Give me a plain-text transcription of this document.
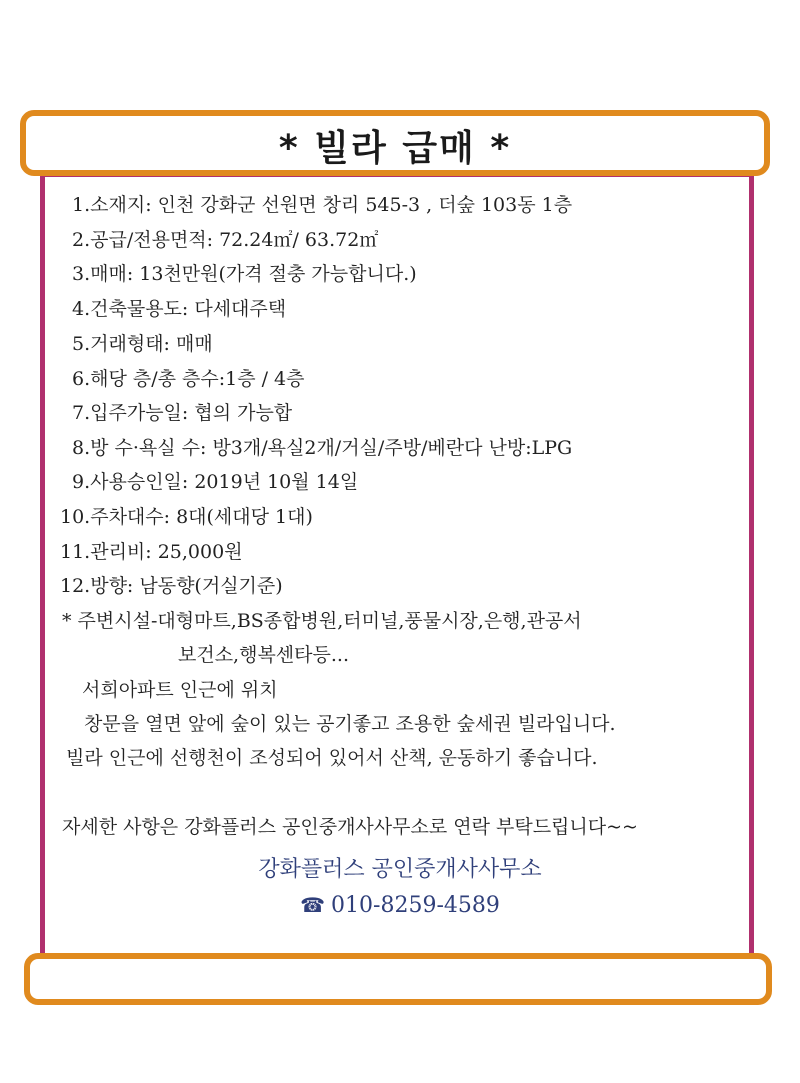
* 빌라 급매 *
1.소재지: 인천 강화군 선원면 창리 545-3 , 더숲 103동 1층
2.공급/전용면적: 72.24㎡/ 63.72㎡
3.매매: 13천만원(가격 절충 가능합니다.)
4.건축물용도: 다세대주택
5.거래형태: 매매
6.해당 층/총 층수:1층 / 4층
7.입주가능일: 협의 가능합
8.방 수·욕실 수: 방3개/욕실2개/거실/주방/베란다 난방:LPG
9.사용승인일: 2019년 10월 14일
10.주차대수: 8대(세대당 1대)
11.관리비: 25,000원
12.방향: 남동향(거실기준)
* 주변시설-대형마트,BS종합병원,터미널,풍물시장,은행,관공서
보건소,행복센타등...
서희아파트 인근에 위치
창문을 열면 앞에 숲이 있는 공기좋고 조용한 숲세권 빌라입니다.
빌라 인근에 선행천이 조성되어 있어서 산책, 운동하기 좋습니다.
자세한 사항은 강화플러스 공인중개사사무소로 연락 부탁드립니다~~
강화플러스 공인중개사사무소
☎ 010-8259-4589
